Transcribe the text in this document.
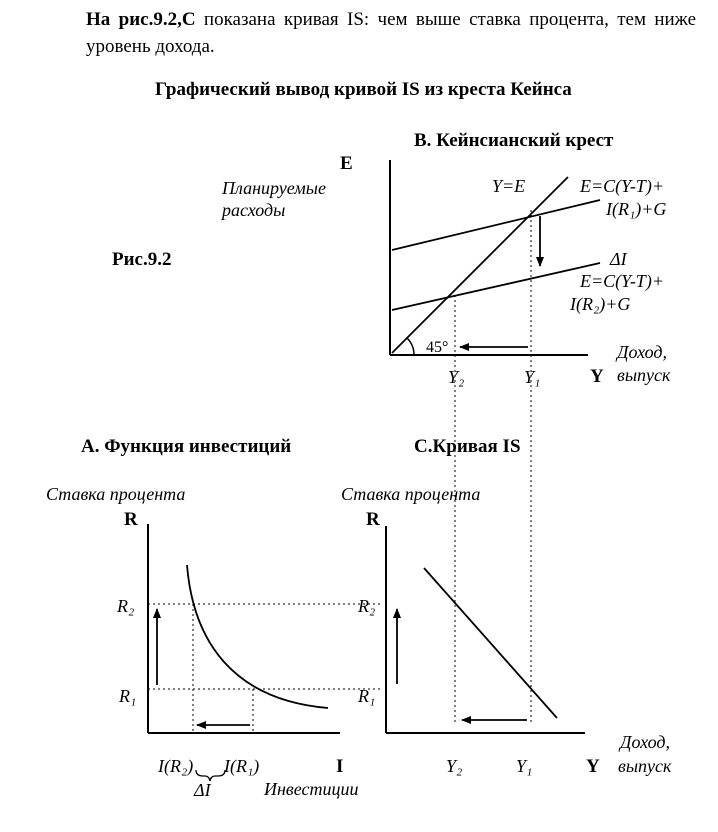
На рис.9.2,С показана кривая IS: чем выше ставка процента, тем ниже уровень дохода.
Графический вывод кривой IS из креста Кейнса
Рис.9.2
B. Кейнсианский крест
E
Планируемые
расходы
Y=E	E=C(Y-T)+
I(R₁)+G
ΔI
E=C(Y-T)+
I(R₂)+G
45°
Y₂	Y₁	Y
Доход,
выпуск
A. Функция инвестиций
Ставка процента
R
R₂
R₁
I(R₂) I(R₁)
ΔI
I
Инвестиции
C.Кривая IS
Ставка процента
R
R₂
R₁
Y₂	Y₁	Y
Доход,
выпуск
